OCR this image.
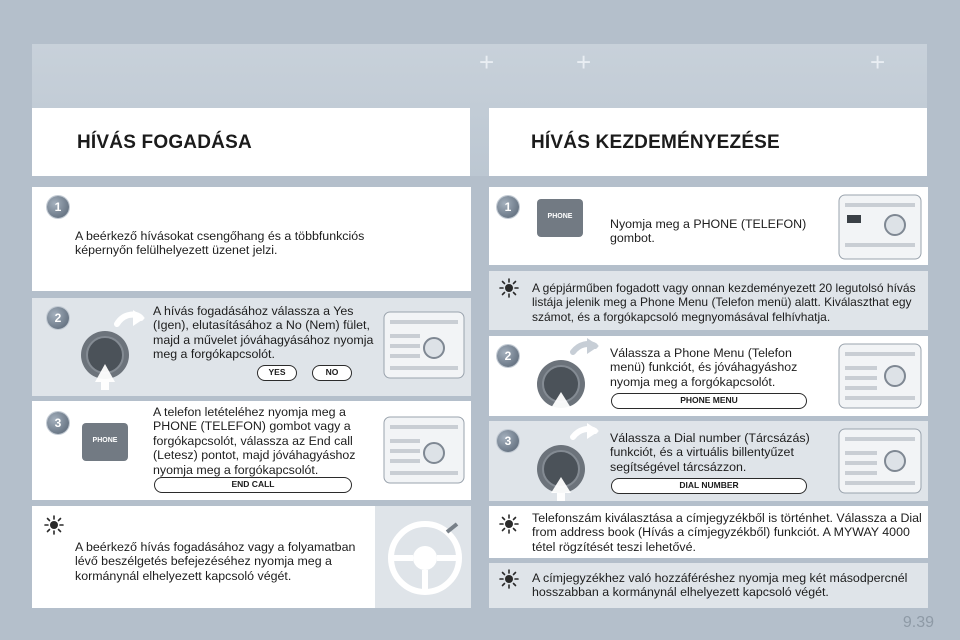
+	+	+
HÍVÁS FOGADÁSA	HÍVÁS KEZDEMÉNYEZÉSE
1
A beérkező hívásokat csengőhang és a többfunkciós képernyőn felülhelyezett üzenet jelzi.
2	A hívás fogadásához válassza a Yes (Igen), elutasításához a No (Nem) fület, majd a művelet jóváhagyásához nyomja meg a forgókapcsolót.
YES	NO
3
PHONE
A telefon letételéhez nyomja meg a PHONE (TELEFON) gombot vagy a forgókapcsolót, válassza az End call (Letesz) pontot, majd jóváhagyáshoz nyomja meg a forgókapcsolót.
END CALL
A beérkező hívás fogadásához vagy a folyamatban lévő beszélgetés befejezéséhez nyomja meg a kormánynál elhelyezett kapcsoló végét.
1
PHONE
Nyomja meg a PHONE (TELEFON) gombot.
A gépjárműben fogadott vagy onnan kezdeményezett 20 legutolsó hívás listája jelenik meg a Phone Menu (Telefon menü) alatt. Kiválaszthat egy számot, és a forgókapcsoló megnyomásával felhívhatja.
2	Válassza a Phone Menu (Telefon menü) funkciót, és jóváhagyáshoz nyomja meg a forgókapcsolót.
PHONE MENU
3	Válassza a Dial number (Tárcsázás) funkciót, és a virtuális billentyűzet segítségével tárcsázzon.
DIAL NUMBER
Telefonszám kiválasztása a címjegyzékből is történhet. Válassza a Dial from address book (Hívás a címjegyzékből) funkciót. A MYWAY 4000 tétel rögzítését teszi lehetővé.
A címjegyzékhez való hozzáféréshez nyomja meg két másodpercnél hosszabban a kormánynál elhelyezett kapcsoló végét.
9.39
